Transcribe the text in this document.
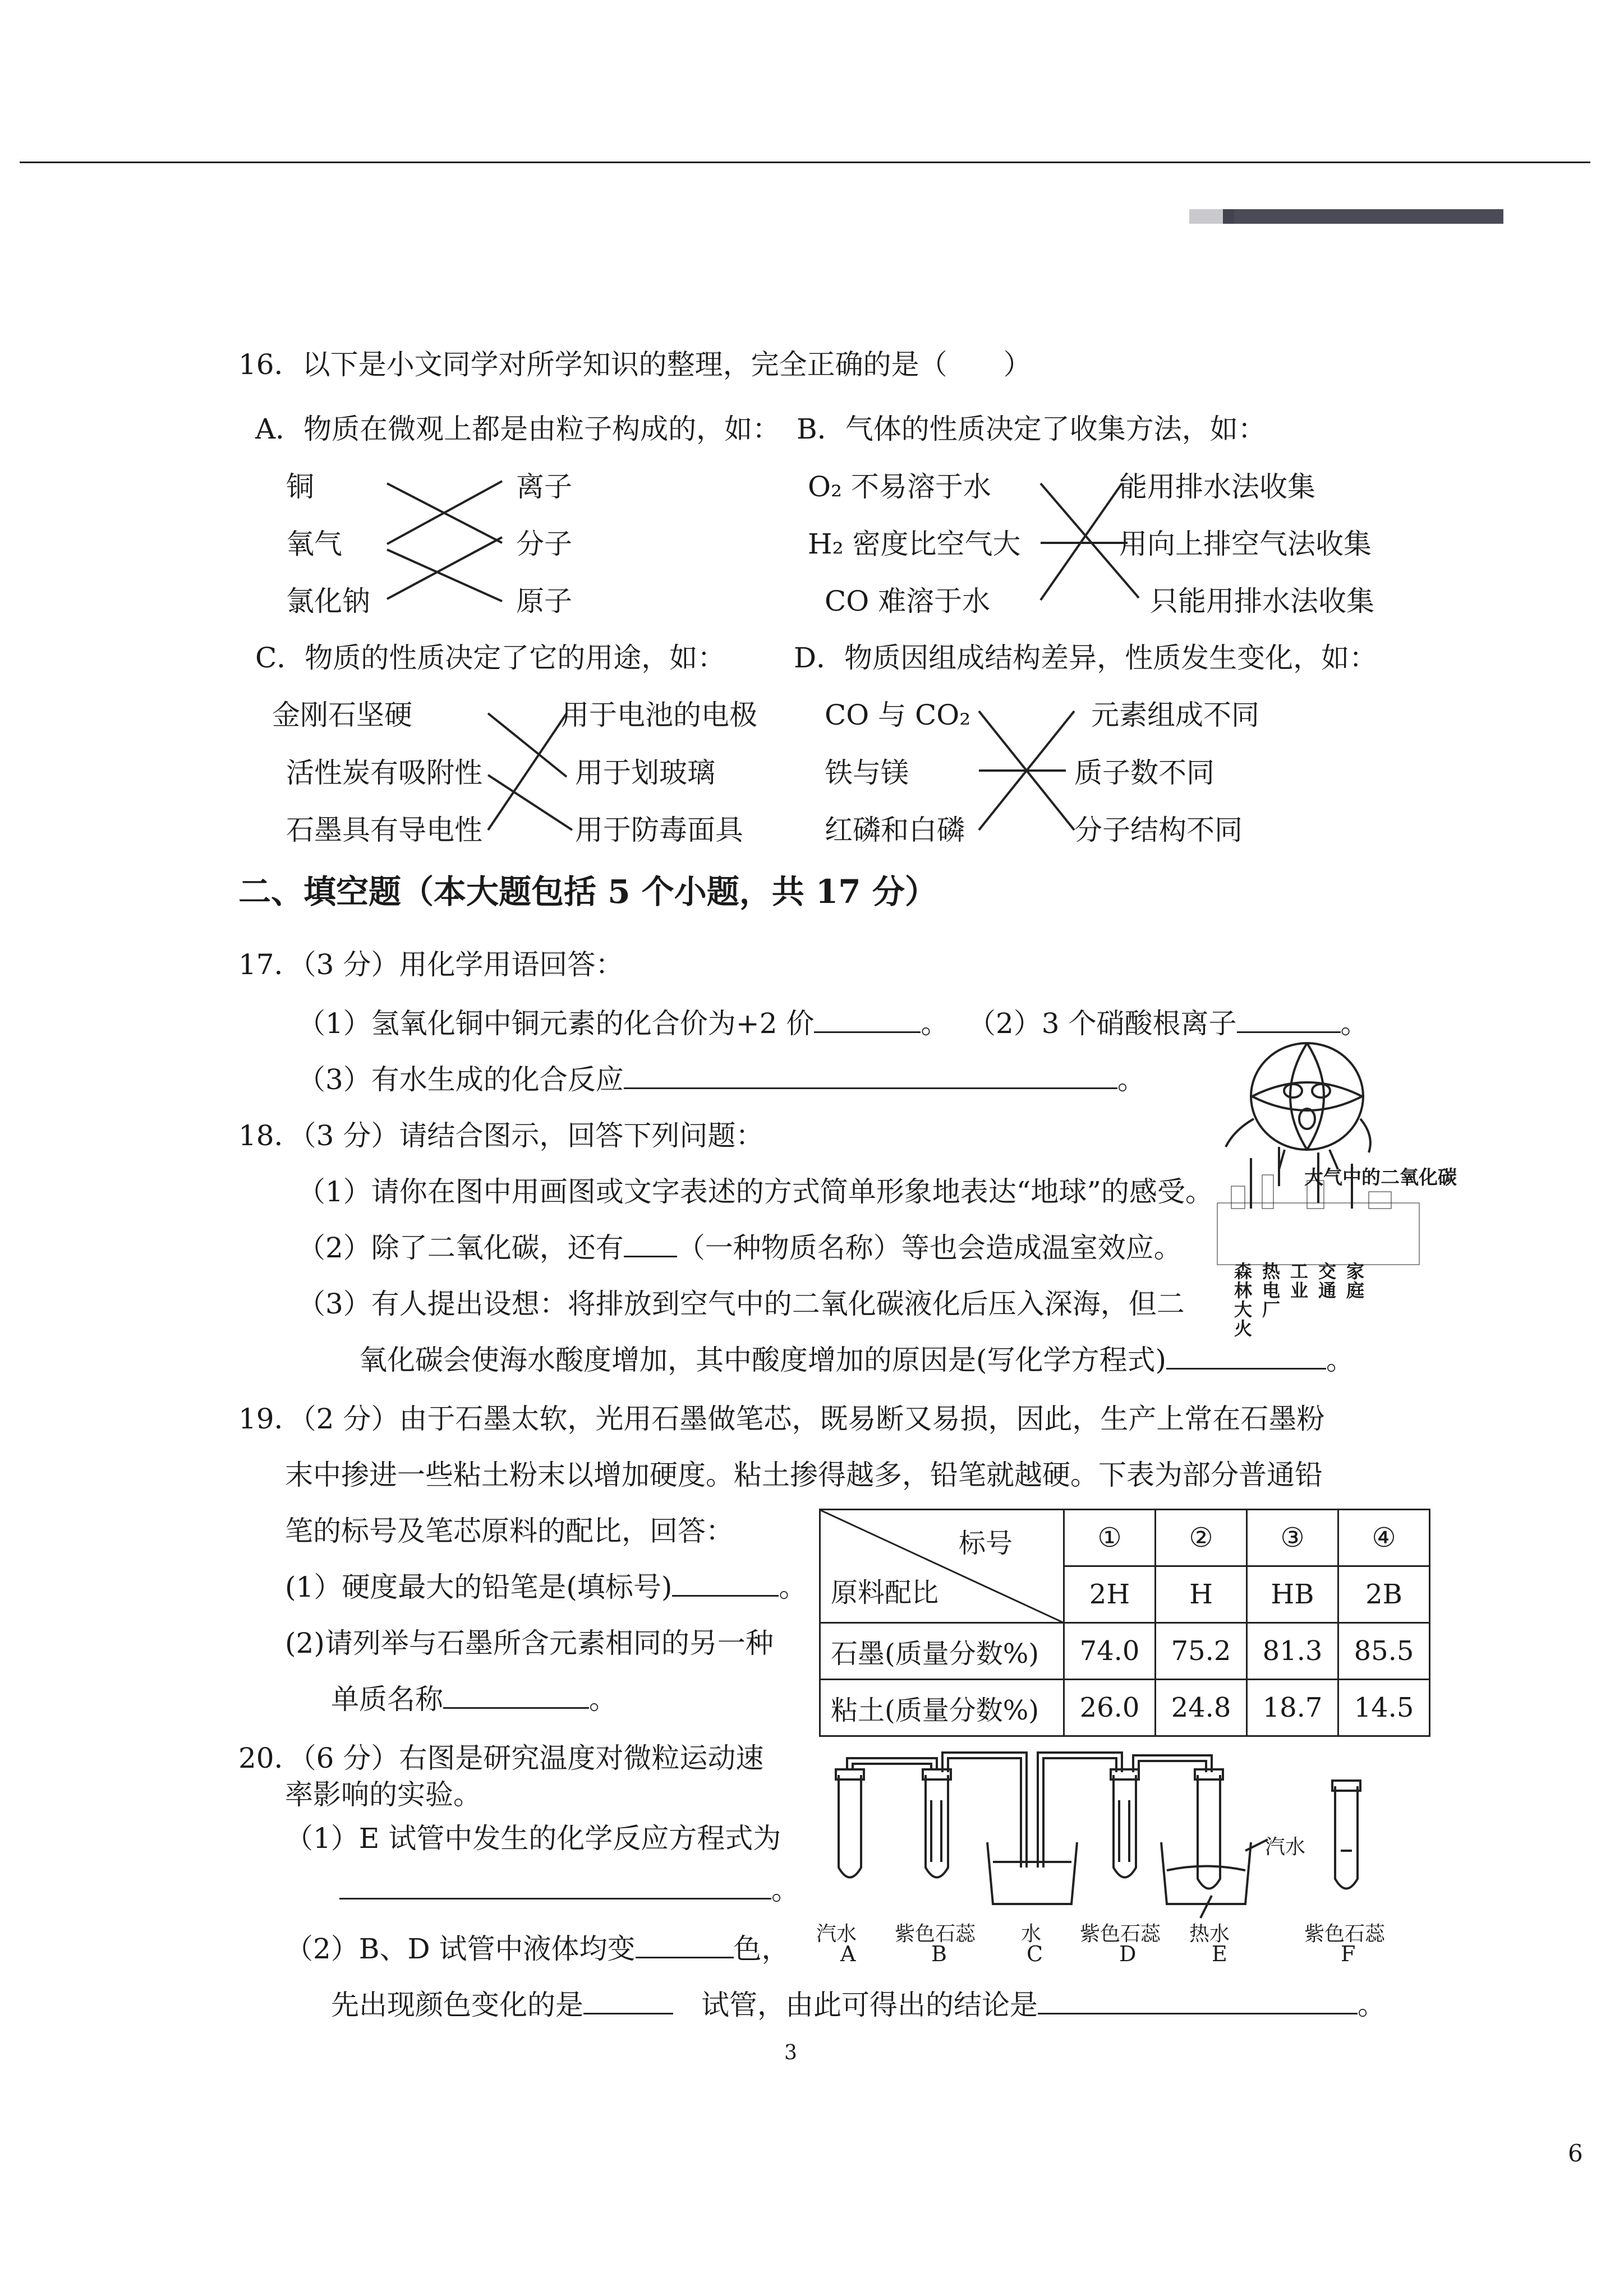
6
3
16．以下是小文同学对所学知识的整理，完全正确的是（　　）
A．物质在微观上都是由粒子构成的，如： B．气体的性质决定了收集方法，如：
铜
氧气
氯化钠
离子
分子
原子
O₂ 不易溶于水
H₂ 密度比空气大
CO 难溶于水
能用排水法收集
用向上排空气法收集
只能用排水法收集
C．物质的性质决定了它的用途，如： D．物质因组成结构差异，性质发生变化，如：
金刚石坚硬
活性炭有吸附性
石墨具有导电性
用于电池的电极
用于划玻璃
用于防毒面具
CO 与 CO₂
铁与镁
红磷和白磷
元素组成不同
质子数不同
分子结构不同
二、填空题（本大题包括 5 个小题，共 17 分）
17．（3 分）用化学用语回答：
（1）氢氧化铜中铜元素的化合价为+2 价	。 （2）3 个硝酸根离子	。
（3）有水生成的化合反应	。
18．（3 分）请结合图示，回答下列问题：
（1）请你在图中用画图或文字表述的方式简单形象地表达“地球”的感受。
（2）除了二氧化碳，还有 （一种物质名称）等也会造成温室效应。
（3）有人提出设想：将排放到空气中的二氧化碳液化后压入深海，但二
氧化碳会使海水酸度增加，其中酸度增加的原因是(写化学方程式)	。
大气中的二氧化碳
森林大火
热电厂
工业
交通
家庭
19．（2 分）由于石墨太软，光用石墨做笔芯，既易断又易损，因此，生产上常在石墨粉
末中掺进一些粘土粉末以增加硬度。粘土掺得越多，铅笔就越硬。下表为部分普通铅
笔的标号及笔芯原料的配比，回答：
(1）硬度最大的铅笔是(填标号)	。
(2)请列举与石墨所含元素相同的另一种
单质名称	。
标号
原料配比	①	②	③	④
	2H	H	HB	2B
石墨(质量分数%)	74.0	75.2	81.3	85.5
粘土(质量分数%)	26.0	24.8	18.7	14.5
20．（6 分）右图是研究温度对微粒运动速
率影响的实验。
（1）E 试管中发生的化学反应方程式为
。
（2）B、D 试管中液体均变	色，
先出现颜色变化的是 	试管，由此可得出的结论是	。
汽水
汽水 紫色石蕊 水 紫色石蕊 热水	紫色石蕊
A	B	C	D	E	F
